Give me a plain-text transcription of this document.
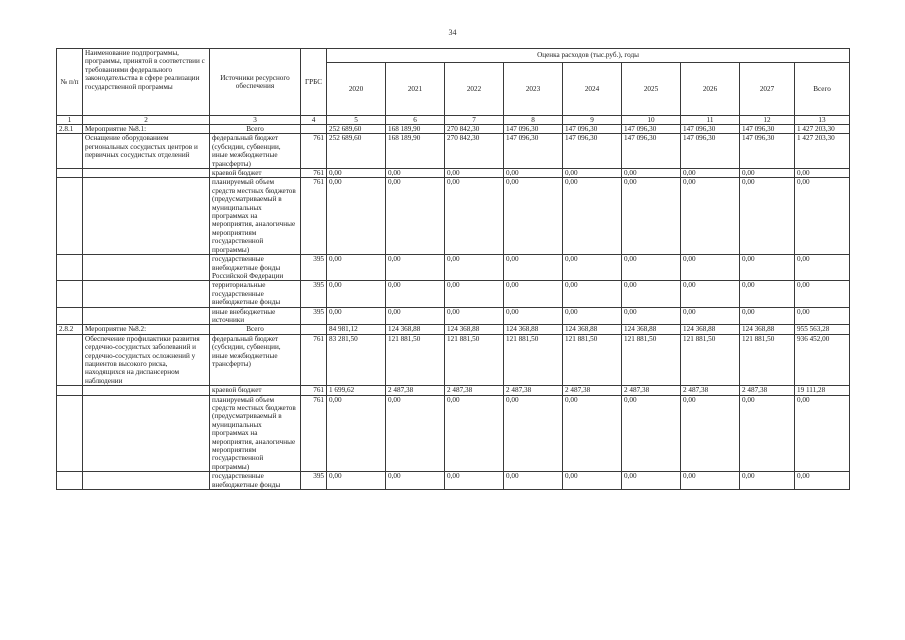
34
№ п/п	Наименование подпрограммы, программы, принятой в соответствии с требованиями федерального законодательства в сфере реализации государственной программы	Источники ресурсного обеспечения	ГРБС	Оценка расходов (тыс.руб.), годы								
				2020	2021	2022	2023	2024	2025	2026	2027	Всего
1	2	3	4	5	6	7	8	9	10	11	12	13
2.8.1	Мероприятие №8.1:	Всего		252 689,60	168 189,90	270 842,30	147 096,30	147 096,30	147 096,30	147 096,30	147 096,30	1 427 203,30
	Оснащение оборудованием региональных сосудистых центров и первичных сосудистых отделений	федеральный бюджет (субсидии, субвенции, иные межбюджетные трансферты)	761	252 689,60	168 189,90	270 842,30	147 096,30	147 096,30	147 096,30	147 096,30	147 096,30	1 427 203,30
		краевой бюджет	761	0,00	0,00	0,00	0,00	0,00	0,00	0,00	0,00	0,00
		планируемый объем средств местных бюджетов (предусматриваемый в муниципальных программах на мероприятия, аналогичные мероприятиям государственной программы)	761	0,00	0,00	0,00	0,00	0,00	0,00	0,00	0,00	0,00
		государственные внебюджетные фонды Российской Федерации	395	0,00	0,00	0,00	0,00	0,00	0,00	0,00	0,00	0,00
		территориальные государственные внебюджетные фонды	395	0,00	0,00	0,00	0,00	0,00	0,00	0,00	0,00	0,00
		иные внебюджетные источники	395	0,00	0,00	0,00	0,00	0,00	0,00	0,00	0,00	0,00
2.8.2	Мероприятие №8.2:	Всего		84 981,12	124 368,88	124 368,88	124 368,88	124 368,88	124 368,88	124 368,88	124 368,88	955 563,28
	Обеспечение профилактики развития сердечно-сосудистых заболеваний и сердечно-сосудистых осложнений у пациентов высокого риска, находящихся на диспансерном наблюдении	федеральный бюджет (субсидии, субвенции, иные межбюджетные трансферты)	761	83 281,50	121 881,50	121 881,50	121 881,50	121 881,50	121 881,50	121 881,50	121 881,50	936 452,00
		краевой бюджет	761	1 699,62	2 487,38	2 487,38	2 487,38	2 487,38	2 487,38	2 487,38	2 487,38	19 111,28
		планируемый объем средств местных бюджетов (предусматриваемый в муниципальных программах на мероприятия, аналогичные мероприятиям государственной программы)	761	0,00	0,00	0,00	0,00	0,00	0,00	0,00	0,00	0,00
		государственные внебюджетные фонды	395	0,00	0,00	0,00	0,00	0,00	0,00	0,00	0,00	0,00
